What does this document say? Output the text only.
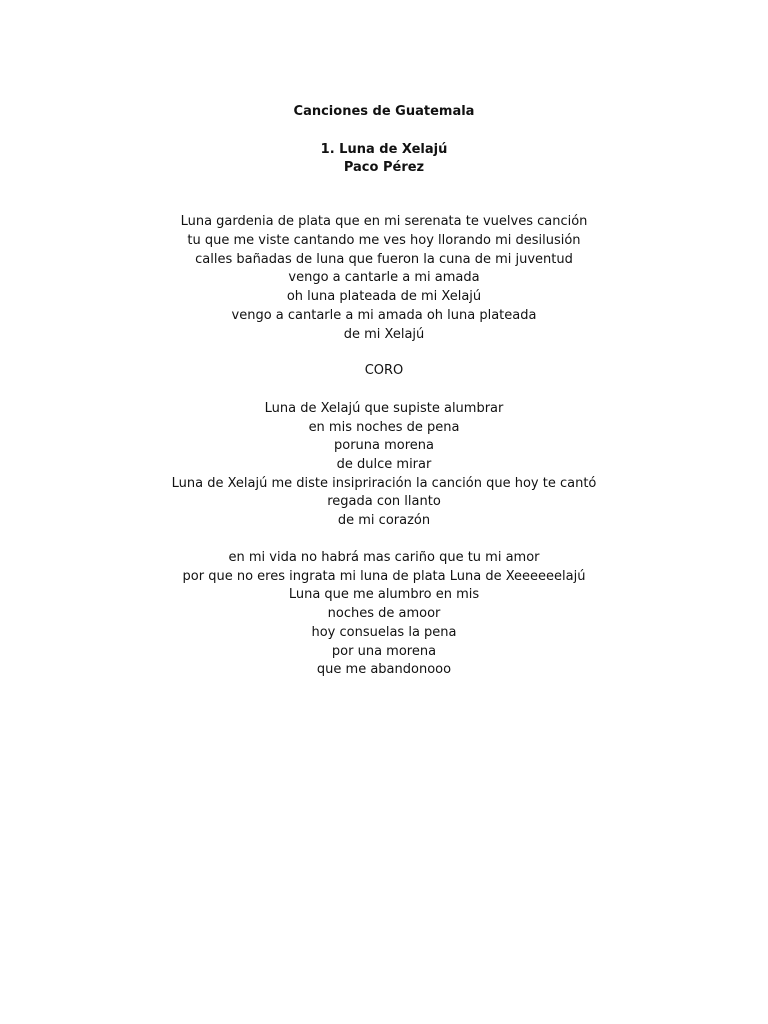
Canciones de Guatemala
1. Luna de Xelajú
Paco Pérez
Luna gardenia de plata que en mi serenata te vuelves canción
tu que me viste cantando me ves hoy llorando mi desilusión
calles bañadas de luna que fueron la cuna de mi juventud
vengo a cantarle a mi amada
oh luna plateada de mi Xelajú
vengo a cantarle a mi amada oh luna plateada
de mi Xelajú
CORO
Luna de Xelajú que supiste alumbrar
en mis noches de pena
poruna morena
de dulce mirar
Luna de Xelajú me diste insipriración la canción que hoy te cantó
regada con llanto
de mi corazón
en mi vida no habrá mas cariño que tu mi amor
por que no eres ingrata mi luna de plata Luna de Xeeeeeelajú
Luna que me alumbro en mis
noches de amoor
hoy consuelas la pena
por una morena
que me abandonooo
